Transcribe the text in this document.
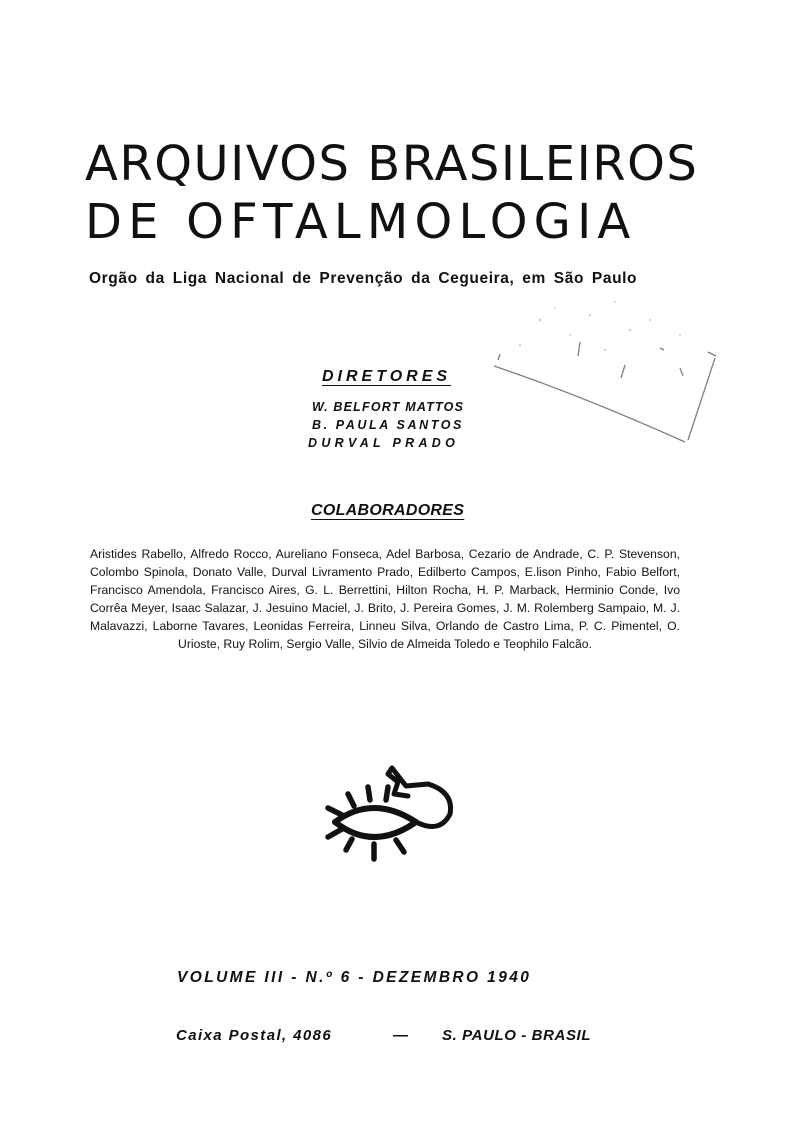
ARQUIVOS BRASILEIROS
DE OFTALMOLOGIA
Orgão da Liga Nacional de Prevenção da Cegueira, em São Paulo
DIRETORES
W. BELFORT MATTOS
B. PAULA SANTOS
DURVAL PRADO
COLABORADORES
Aristides Rabello, Alfredo Rocco, Aureliano Fonseca, Adel Barbosa, Cezario de Andrade, C. P. Stevenson, Colombo Spinola, Donato Valle, Durval Livramento Prado, Edilberto Campos, E.lison Pinho, Fabio Belfort, Francisco Amendola, Francisco Aires, G. L. Berrettini, Hilton Rocha, H. P. Marback, Herminio Conde, Ivo Corrêa Meyer, Isaac Salazar, J. Jesuino Maciel, J. Brito, J. Pereira Gomes, J. M. Rolemberg Sampaio, M. J. Malavazzi, Laborne Tavares, Leonidas Ferreira, Linneu Silva, Orlando de Castro Lima, P. C. Pimentel, O. Urioste, Ruy Rolim, Sergio Valle, Silvio de Almeida Toledo e Teophilo Falcão.
VOLUME III - N.º 6 - DEZEMBRO 1940
Caixa Postal, 4086	— S. PAULO - BRASIL
